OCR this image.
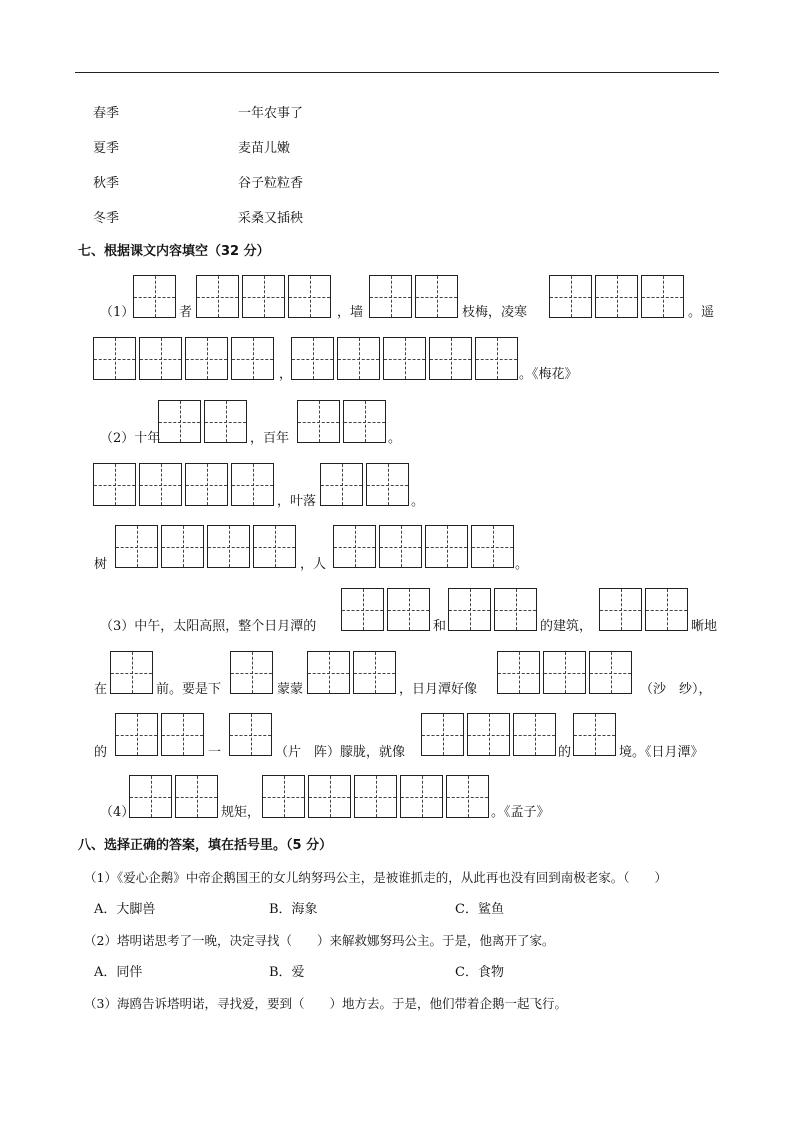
春季	一年农事了
夏季	麦苗儿嫩
秋季	谷子粒粒香
冬季	采桑又插秧
七、根据课文内容填空（32 分）
（1）	者	，墙	枝梅，凌寒	。遥
，	。《梅花》
（2）十年	，百年	。
，叶落	。
树	，人	。
（3）中午，太阳高照，整个日月潭的	和	的建筑，	晰地
在	前。要是下	蒙蒙	，日月潭好像	（沙　纱），
的	一	（片　阵）朦胧，就像	的	境。《日月潭》
（4）	规矩，	。《孟子》
八、选择正确的答案，填在括号里。（5 分）
（1）《爱心企鹅》中帝企鹅国王的女儿纳努玛公主，是被谁抓走的，从此再也没有回到南极老家。（　　）
A．大脚兽	B．海象	C．鲨鱼
（2）塔明诺思考了一晚，决定寻找（　　）来解救娜努玛公主。于是，他离开了家。
A．同伴	B．爱	C．食物
（3）海鸥告诉塔明诺，寻找爱，要到（　　）地方去。于是，他们带着企鹅一起飞行。
